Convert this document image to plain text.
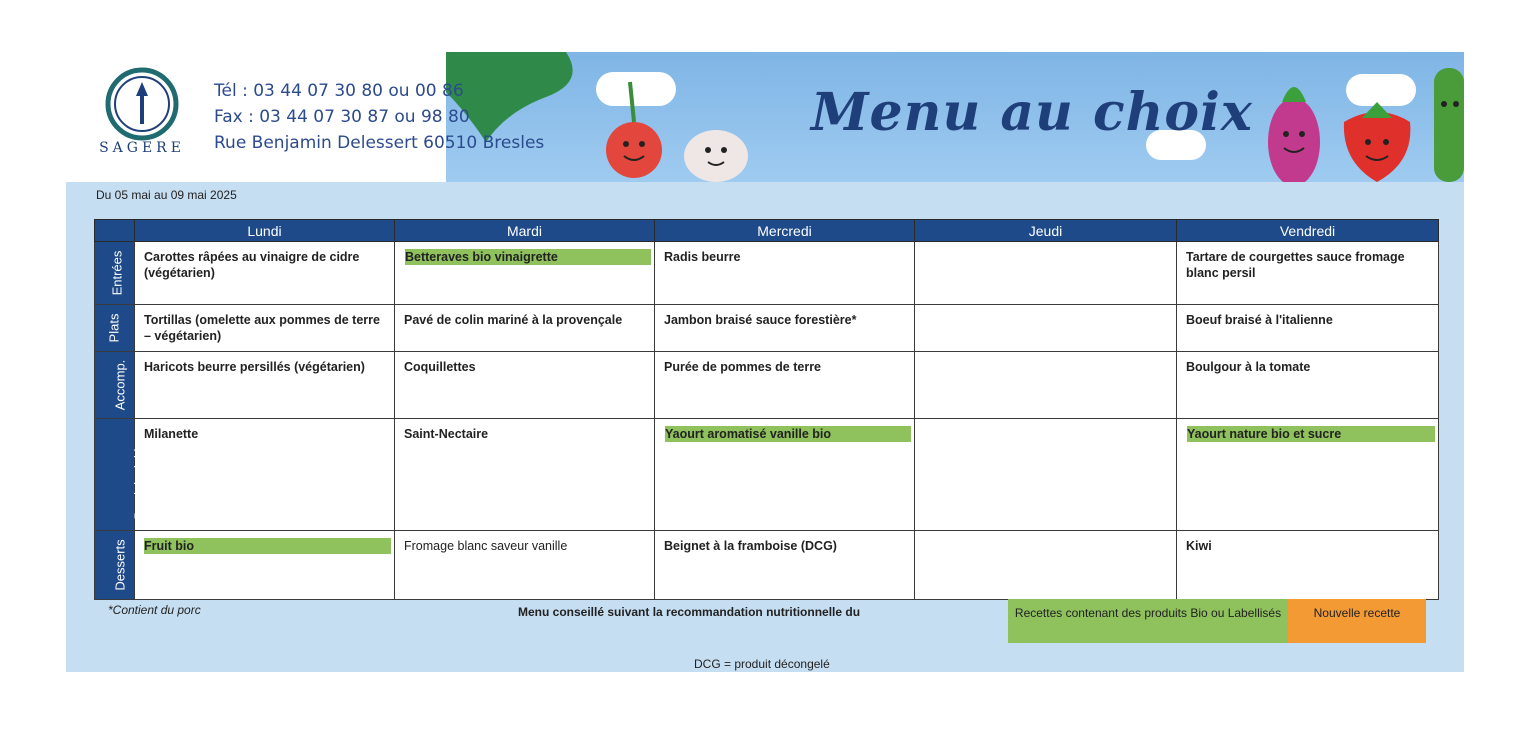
SAGERE
Tél : 03 44 07 30 80 ou 00 86
Fax : 03 44 07 30 87 ou 98 80
Rue Benjamin Delessert 60510 Bresles	Menu au choix
Du 05 mai au 09 mai 2025
	Lundi	Mardi	Mercredi	Jeudi	Vendredi
Entrées	Carottes râpées au vinaigre de cidre (végétarien)	Betteraves bio vinaigrette	Radis beurre		Tartare de courgettes sauce fromage blanc persil
Plats	Tortillas (omelette aux pommes de terre – végétarien)	Pavé de colin mariné à la provençale	Jambon braisé sauce forestière*		Boeuf braisé à l'italienne
Accomp.	Haricots beurre persillés (végétarien)	Coquillettes	Purée de pommes de terre		Boulgour à la tomate
Produits laitiers	Milanette	Saint-Nectaire	Yaourt aromatisé vanille bio		Yaourt nature bio et sucre

Desserts	Fruit bio	Fromage blanc saveur vanille	Beignet à la framboise (DCG)		Kiwi
*Contient du porc	Menu conseillé suivant la recommandation nutritionnelle du	Recettes contenant des produits Bio ou Labellisés	Nouvelle recette
DCG = produit décongelé
